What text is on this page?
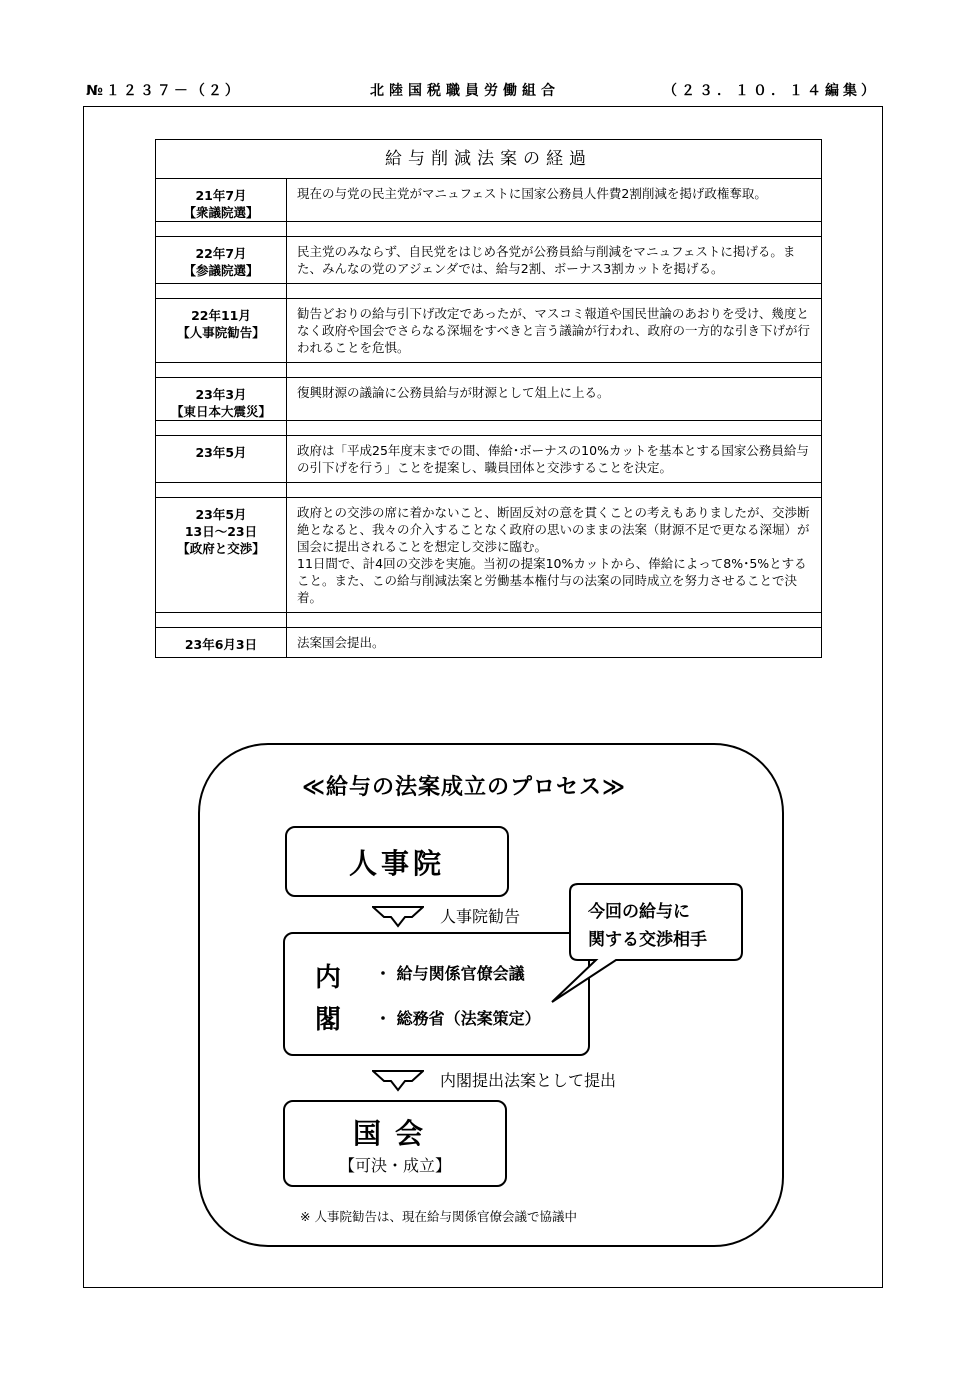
№１２３７－（２）	北陸国税職員労働組合	（２３．１０．１４編集）
給与削減法案の経過	

21年7月
【衆議院選】	現在の与党の民主党がマニュフェストに国家公務員人件費2割削減を掲げ政権奪取。

22年7月
【参議院選】	民主党のみならず、自民党をはじめ各党が公務員給与削減をマニュフェストに掲げる。また、みんなの党のアジェンダでは、給与2割、ボーナス3割カットを掲げる。

22年11月
【人事院勧告】	勧告どおりの給与引下げ改定であったが、マスコミ報道や国民世論のあおりを受け、幾度となく政府や国会でさらなる深堀をすべきと言う議論が行われ、政府の一方的な引き下げが行われることを危惧。

23年3月
【東日本大震災】	復興財源の議論に公務員給与が財源として俎上に上る。

23年5月	政府は「平成25年度末までの間、俸給･ボーナスの10%カットを基本とする国家公務員給与の引下げを行う」ことを提案し、職員団体と交渉することを決定。

23年5月
13日～23日
【政府と交渉】	政府との交渉の席に着かないこと、断固反対の意を貫くことの考えもありましたが、交渉断絶となると、我々の介入することなく政府の思いのままの法案（財源不足で更なる深堀）が国会に提出されることを想定し交渉に臨む。
11日間で、計4回の交渉を実施。当初の提案10%カットから、俸給によって8%･5%とすること。また、この給与削減法案と労働基本権付与の法案の同時成立を努力させることで決着。

23年6月3日	法案国会提出。
≪給与の法案成立のプロセス≫
人事院
人事院勧告
内
閣
・ 給与関係官僚会議
・ 総務省（法案策定）
今回の給与に
関する交渉相手
内閣提出法案として提出
国会
【可決・成立】
※ 人事院勧告は、現在給与関係官僚会議で協議中
